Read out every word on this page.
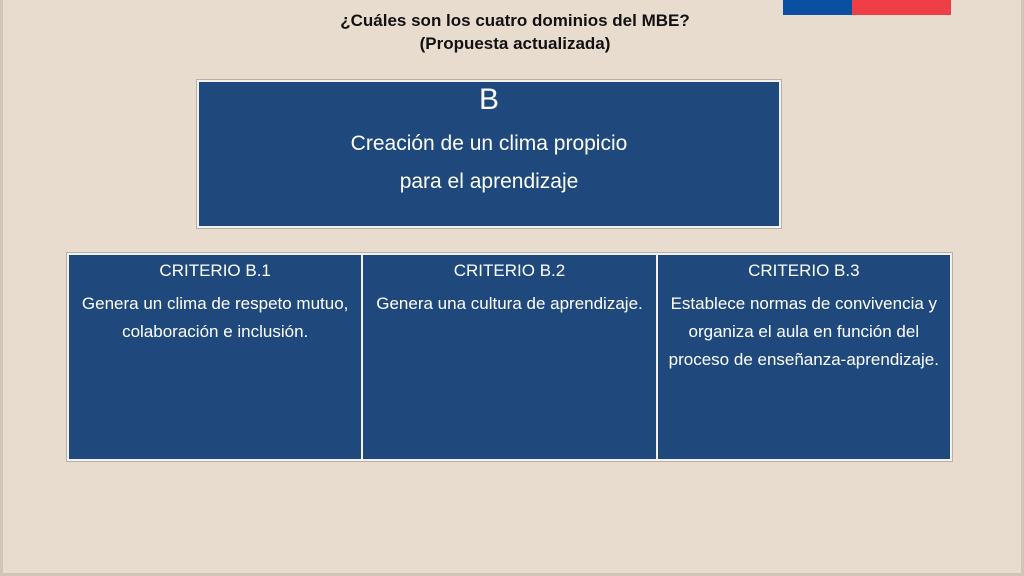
¿Cuáles son los cuatro dominios del MBE?
(Propuesta actualizada)
B
Creación de un clima propicio
para el aprendizaje
CRITERIO B.1
Genera un clima de respeto mutuo, colaboración e inclusión.
CRITERIO B.2
Genera una cultura de aprendizaje.
CRITERIO B.3
Establece normas de convivencia y organiza el aula en función del proceso de enseñanza-aprendizaje.
